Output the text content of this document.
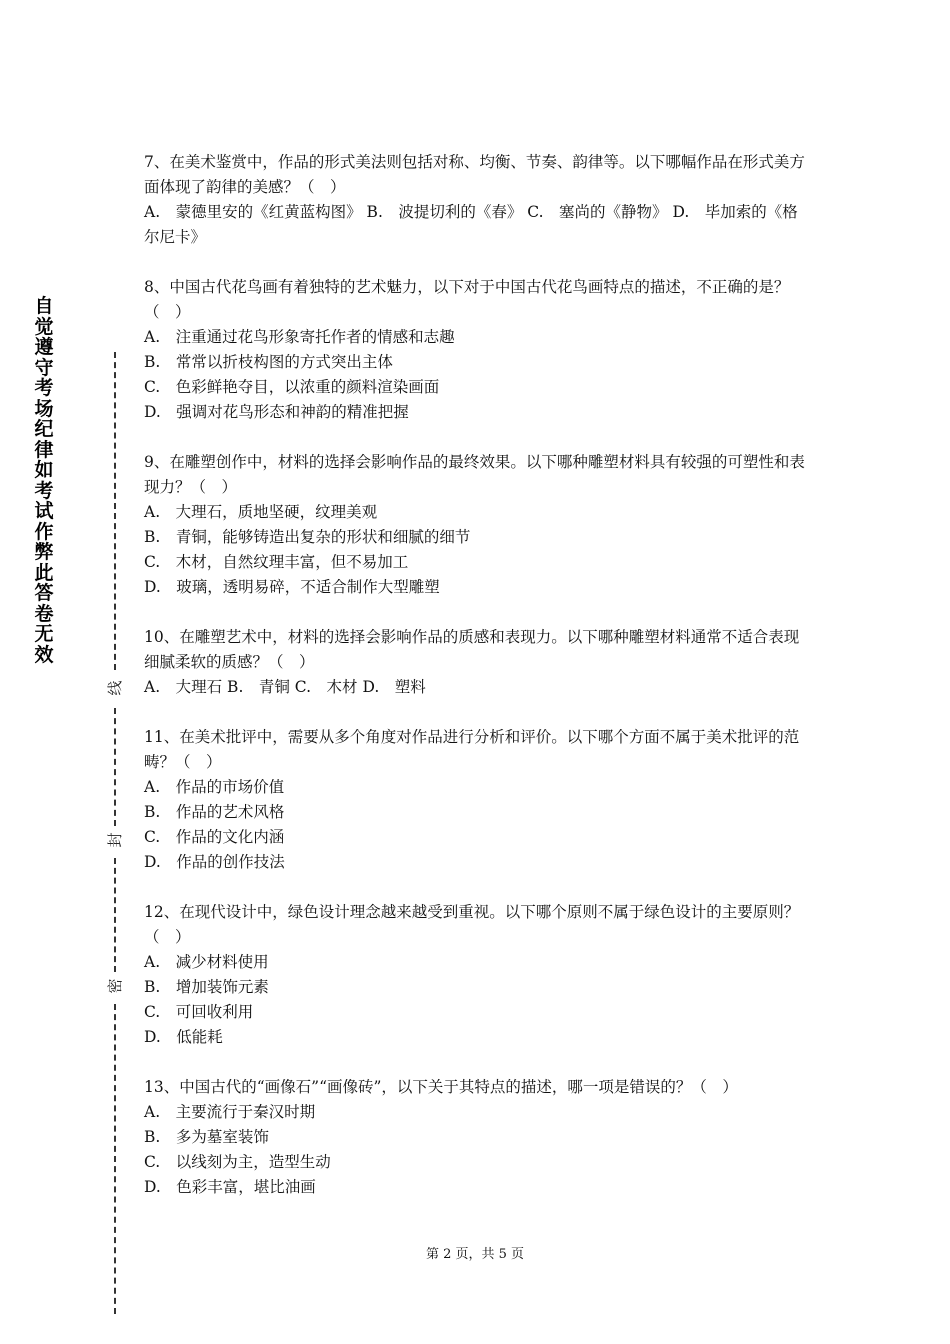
自觉遵守考场纪律如考试作弊此答卷无效
线
封
密

7、在美术鉴赏中，作品的形式美法则包括对称、均衡、节奏、韵律等。以下哪幅作品在形式美方面体现了韵律的美感？（　）

A.　蒙德里安的《红黄蓝构图》 B.　波提切利的《春》 C.　塞尚的《静物》 D.　毕加索的《格尔尼卡》

8、中国古代花鸟画有着独特的艺术魅力，以下对于中国古代花鸟画特点的描述，不正确的是？（　）

A.　注重通过花鸟形象寄托作者的情感和志趣

B.　常常以折枝构图的方式突出主体

C.　色彩鲜艳夺目，以浓重的颜料渲染画面

D.　强调对花鸟形态和神韵的精准把握

9、在雕塑创作中，材料的选择会影响作品的最终效果。以下哪种雕塑材料具有较强的可塑性和表现力？（　）

A.　大理石，质地坚硬，纹理美观

B.　青铜，能够铸造出复杂的形状和细腻的细节

C.　木材，自然纹理丰富，但不易加工

D.　玻璃，透明易碎，不适合制作大型雕塑

10、在雕塑艺术中，材料的选择会影响作品的质感和表现力。以下哪种雕塑材料通常不适合表现细腻柔软的质感？（　）

A.　大理石 B.　青铜 C.　木材 D.　塑料

11、在美术批评中，需要从多个角度对作品进行分析和评价。以下哪个方面不属于美术批评的范畴？（　）

A.　作品的市场价值

B.　作品的艺术风格

C.　作品的文化内涵

D.　作品的创作技法

12、在现代设计中，绿色设计理念越来越受到重视。以下哪个原则不属于绿色设计的主要原则？（　）

A.　减少材料使用

B.　增加装饰元素

C.　可回收利用

D.　低能耗

13、中国古代的“画像石”“画像砖”，以下关于其特点的描述，哪一项是错误的？（　）

A.　主要流行于秦汉时期

B.　多为墓室装饰

C.　以线刻为主，造型生动

D.　色彩丰富，堪比油画

第 2 页，共 5 页
